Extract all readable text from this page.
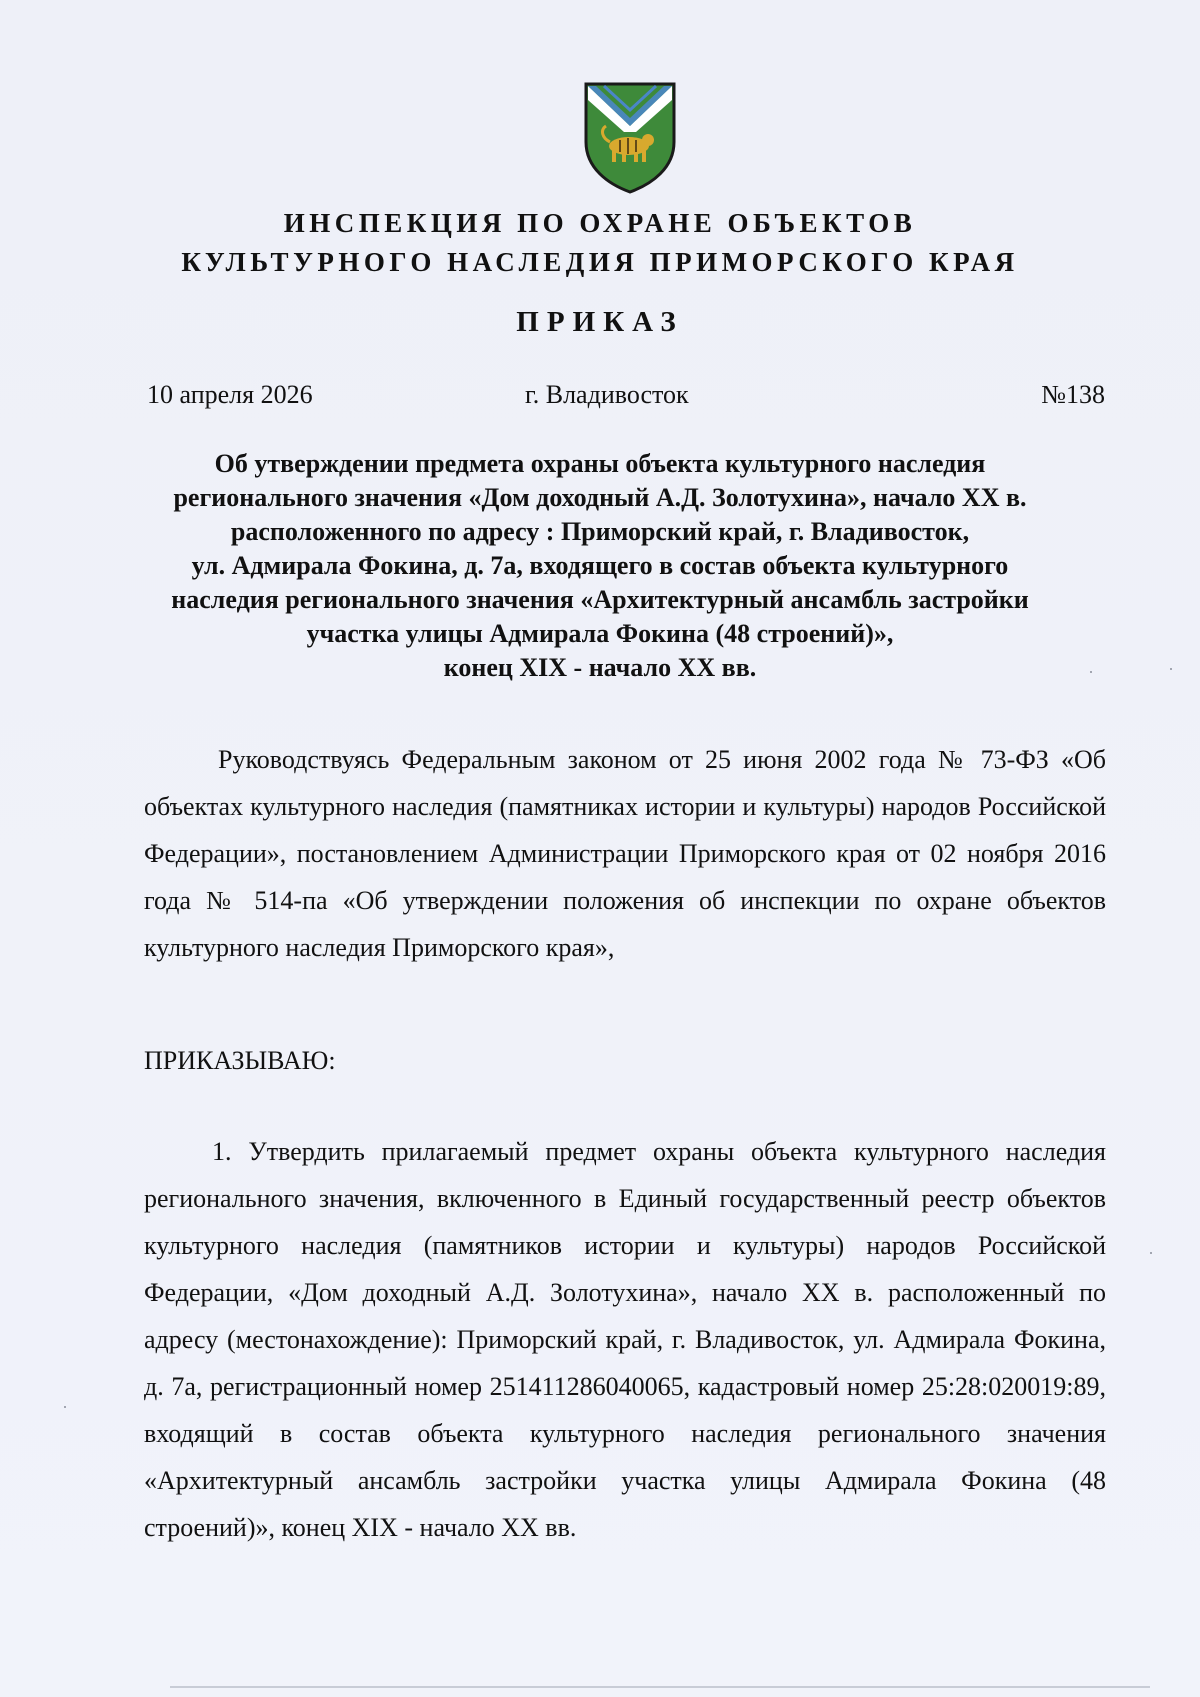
ИНСПЕКЦИЯ ПО ОХРАНЕ ОБЪЕКТОВ
КУЛЬТУРНОГО НАСЛЕДИЯ ПРИМОРСКОГО КРАЯ
ПРИКАЗ
10 апреля 2026	г. Владивосток	№138
Об утверждении предмета охраны объекта культурного наследия
регионального значения «Дом доходный А.Д. Золотухина», начало ХХ в.
расположенного по адресу : Приморский край, г. Владивосток,
ул. Адмирала Фокина, д. 7а, входящего в состав объекта культурного
наследия регионального значения «Архитектурный ансамбль застройки
участка улицы Адмирала Фокина (48 строений)»,
конец XIX - начало XX вв.
Руководствуясь Федеральным законом от 25 июня 2002 года № 73-ФЗ «Об объектах культурного наследия (памятниках истории и культуры) народов Российской Федерации», постановлением Администрации Приморского края от 02 ноября 2016 года № 514-па «Об утверждении положения об инспекции по охране объектов культурного наследия Приморского края»,
ПРИКАЗЫВАЮ:
1. Утвердить прилагаемый предмет охраны объекта культурного наследия регионального значения, включенного в Единый государственный реестр объектов культурного наследия (памятников истории и культуры) народов Российской Федерации, «Дом доходный А.Д. Золотухина», начало ХХ в. расположенный по адресу (местонахождение): Приморский край, г. Владивосток, ул. Адмирала Фокина, д. 7а, регистрационный номер 251411286040065, кадастровый номер 25:28:020019:89, входящий в состав объекта культурного наследия регионального значения «Архитектурный ансамбль застройки участка улицы Адмирала Фокина (48 строений)», конец XIX - начало XX вв.
